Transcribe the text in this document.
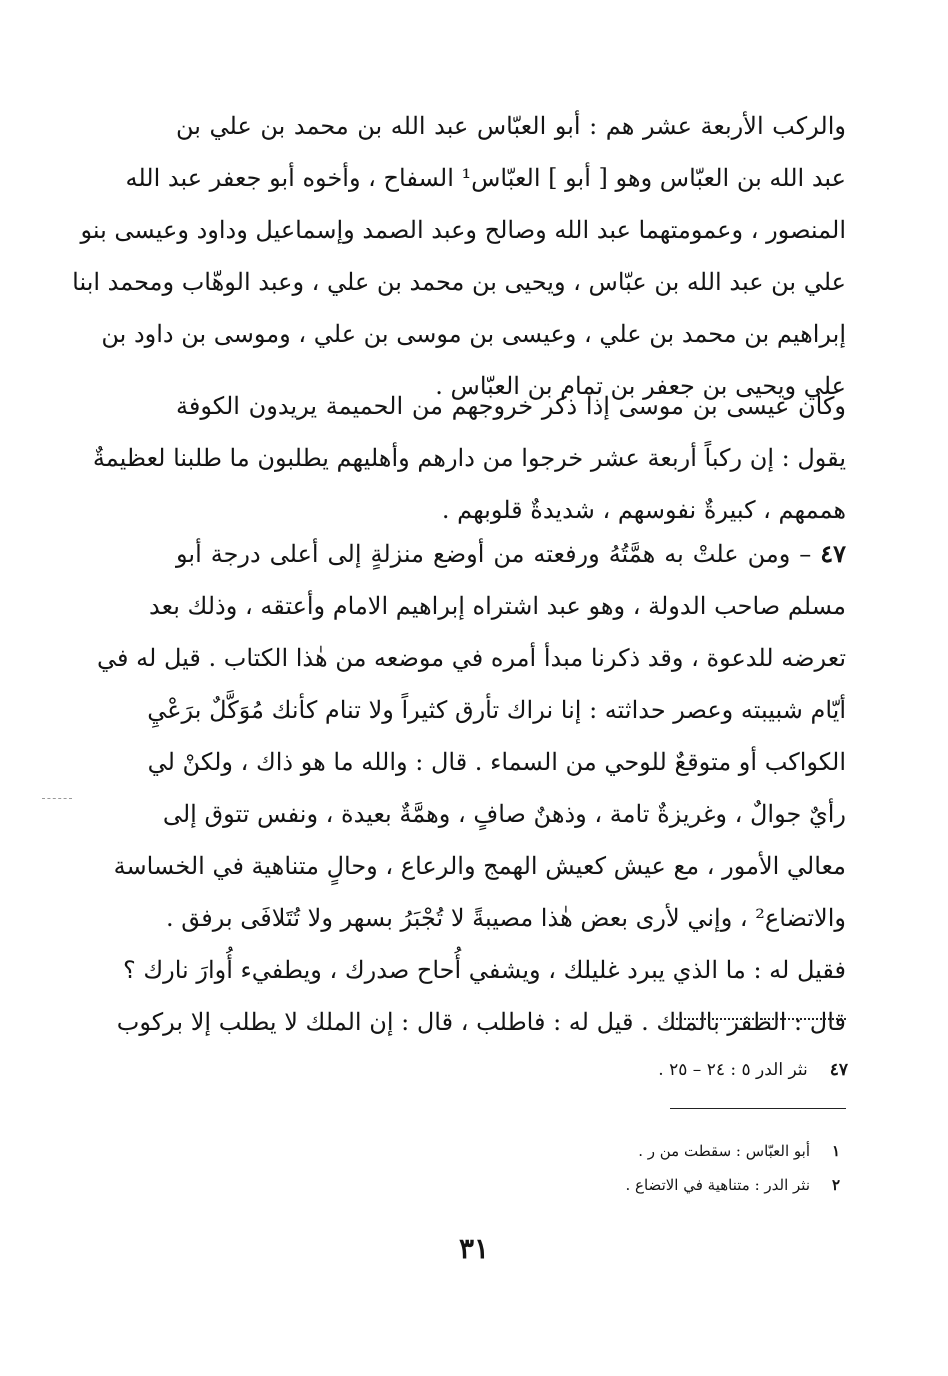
والركب الأربعة عشر هم : أبو العبّاس عبد الله بن محمد بن علي بن
عبد الله بن العبّاس وهو [ أبو ] العبّاس¹ السفاح ، وأخوه أبو جعفر عبد الله
المنصور ، وعمومتهما عبد الله وصالح وعبد الصمد وإسماعيل وداود وعيسى بنو
علي بن عبد الله بن عبّاس ، ويحيى بن محمد بن علي ، وعبد الوهّاب ومحمد ابنا
إبراهيم بن محمد بن علي ، وعيسى بن موسى بن علي ، وموسى بن داود بن
علي ويحيى بن جعفر بن تمام بن العبّاس .
وكان عيسى بن موسى إذا ذكر خروجهم من الحميمة يريدون الكوفة
يقول : إن ركباً أربعة عشر خرجوا من دارهم وأهليهم يطلبون ما طلبنا لعظيمةٌ
هممهم ، كبيرةٌ نفوسهم ، شديدةٌ قلوبهم .
٤٧ – ومن علتْ به همَّتُهُ ورفعته من أوضع منزلةٍ إلى أعلى درجة أبو
مسلم صاحب الدولة ، وهو عبد اشتراه إبراهيم الامام وأعتقه ، وذلك بعد
تعرضه للدعوة ، وقد ذكرنا مبدأ أمره في موضعه من هٰذا الكتاب . قيل له في
أيّام شبيبته وعصر حداثته : إنا نراك تأرق كثيراً ولا تنام كأنك مُوَكَّلٌ برَعْيِ
الكواكب أو متوقعٌ للوحي من السماء . قال : والله ما هو ذاك ، ولكنْ لي
رأيٌ جوالٌ ، وغريزةٌ تامة ، وذهنٌ صافٍ ، وهمَّةٌ بعيدة ، ونفس تتوق إلى
معالي الأمور ، مع عيش كعيش الهمج والرعاع ، وحالٍ متناهية في الخساسة
والاتضاع² ، وإني لأرى بعض هٰذا مصيبةً لا تُجْبَرُ بسهر ولا تُتَلافَى برفق .
فقيل له : ما الذي يبرد غليلك ، ويشفي أُحاح صدرك ، ويطفيء أُوارَ نارك ؟
قال : الظفر بالملك . قيل له : فاطلب ، قال : إن الملك لا يطلب إلا بركوب
٤٧نثر الدر ٥ : ٢٤ – ٢٥ .
١أبو العبّاس : سقطت من ر .
٢نثر الدر : متناهية في الاتضاع .
٣١
